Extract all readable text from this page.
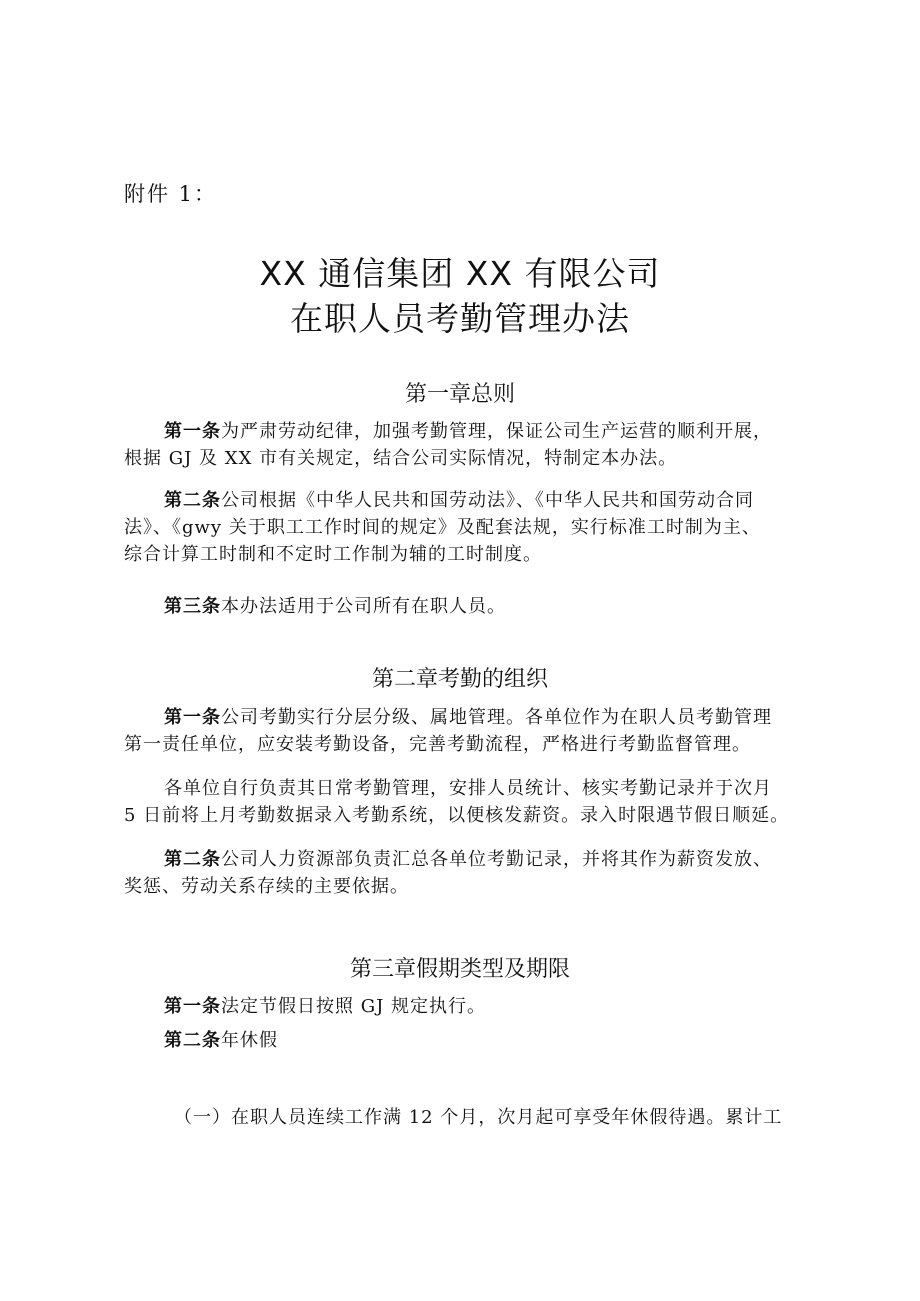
附件 1：
XX 通信集团 XX 有限公司
在职人员考勤管理办法
第一章总则
第一条为严肃劳动纪律，加强考勤管理，保证公司生产运营的顺利开展，
根据 GJ 及 XX 市有关规定，结合公司实际情况，特制定本办法。
第二条公司根据《中华人民共和国劳动法》、《中华人民共和国劳动合同
法》、《gwy 关于职工工作时间的规定》及配套法规，实行标准工时制为主、
综合计算工时制和不定时工作制为辅的工时制度。
第三条本办法适用于公司所有在职人员。
第二章考勤的组织
第一条公司考勤实行分层分级、属地管理。各单位作为在职人员考勤管理
第一责任单位，应安装考勤设备，完善考勤流程，严格进行考勤监督管理。
各单位自行负责其日常考勤管理，安排人员统计、核实考勤记录并于次月
5 日前将上月考勤数据录入考勤系统，以便核发薪资。录入时限遇节假日顺延。
第二条公司人力资源部负责汇总各单位考勤记录，并将其作为薪资发放、
奖惩、劳动关系存续的主要依据。
第三章假期类型及期限
第一条法定节假日按照 GJ 规定执行。
第二条年休假
（一）在职人员连续工作满 12 个月，次月起可享受年休假待遇。累计工
